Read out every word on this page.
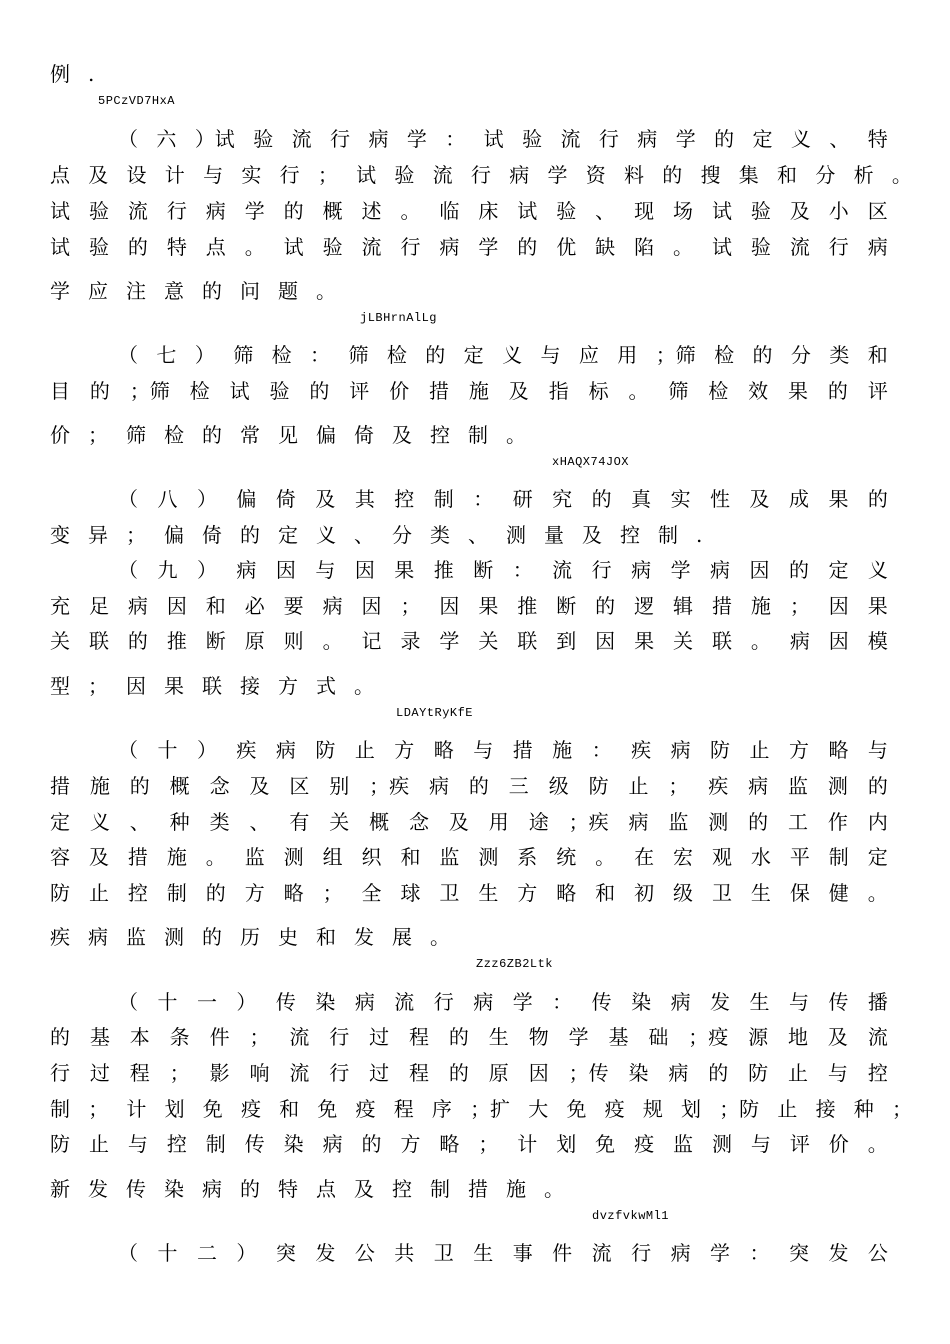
例 .
5PCzVD7HxA
（ 六 ）试 验 流 行 病 学 ： 试 验 流 行 病 学 的 定 义 、 特
点 及 设 计 与 实 行 ； 试 验 流 行 病 学 资 料 的 搜 集 和 分 析 。
试 验 流 行 病 学 的 概 述 。 临 床 试 验 、 现 场 试 验 及 小 区
试 验 的 特 点 。 试 验 流 行 病 学 的 优 缺 陷 。 试 验 流 行 病
学 应 注 意 的 问 题 。
jLBHrnAlLg
（ 七 ） 筛 检 ： 筛 检 的 定 义 与 应 用 ；筛 检 的 分 类 和
目 的 ；筛 检 试 验 的 评 价 措 施 及 指 标 。 筛 检 效 果 的 评
价 ； 筛 检 的 常 见 偏 倚 及 控 制 。
xHAQX74JOX
（ 八 ） 偏 倚 及 其 控 制 ： 研 究 的 真 实 性 及 成 果 的
变 异 ； 偏 倚 的 定 义 、 分 类 、 测 量 及 控 制 .
（ 九 ） 病 因 与 因 果 推 断 ： 流 行 病 学 病 因 的 定 义
充 足 病 因 和 必 要 病 因 ； 因 果 推 断 的 逻 辑 措 施 ； 因 果
关 联 的 推 断 原 则 。 记 录 学 关 联 到 因 果 关 联 。 病 因 模
型 ； 因 果 联 接 方 式 。
LDAYtRyKfE
（ 十 ） 疾 病 防 止 方 略 与 措 施 ： 疾 病 防 止 方 略 与
措 施 的 概 念 及 区 别 ；疾 病 的 三 级 防 止 ； 疾 病 监 测 的
定 义 、 种 类 、 有 关 概 念 及 用 途 ；疾 病 监 测 的 工 作 内
容 及 措 施 。 监 测 组 织 和 监 测 系 统 。 在 宏 观 水 平 制 定
防 止 控 制 的 方 略 ； 全 球 卫 生 方 略 和 初 级 卫 生 保 健 。
疾 病 监 测 的 历 史 和 发 展 。
Zzz6ZB2Ltk
（ 十 一 ） 传 染 病 流 行 病 学 ： 传 染 病 发 生 与 传 播
的 基 本 条 件 ； 流 行 过 程 的 生 物 学 基 础 ；疫 源 地 及 流
行 过 程 ； 影 响 流 行 过 程 的 原 因 ；传 染 病 的 防 止 与 控
制 ； 计 划 免 疫 和 免 疫 程 序 ；扩 大 免 疫 规 划 ；防 止 接 种 ；
防 止 与 控 制 传 染 病 的 方 略 ； 计 划 免 疫 监 测 与 评 价 。
新 发 传 染 病 的 特 点 及 控 制 措 施 。
dvzfvkwMl1
（ 十 二 ） 突 发 公 共 卫 生 事 件 流 行 病 学 ： 突 发 公
